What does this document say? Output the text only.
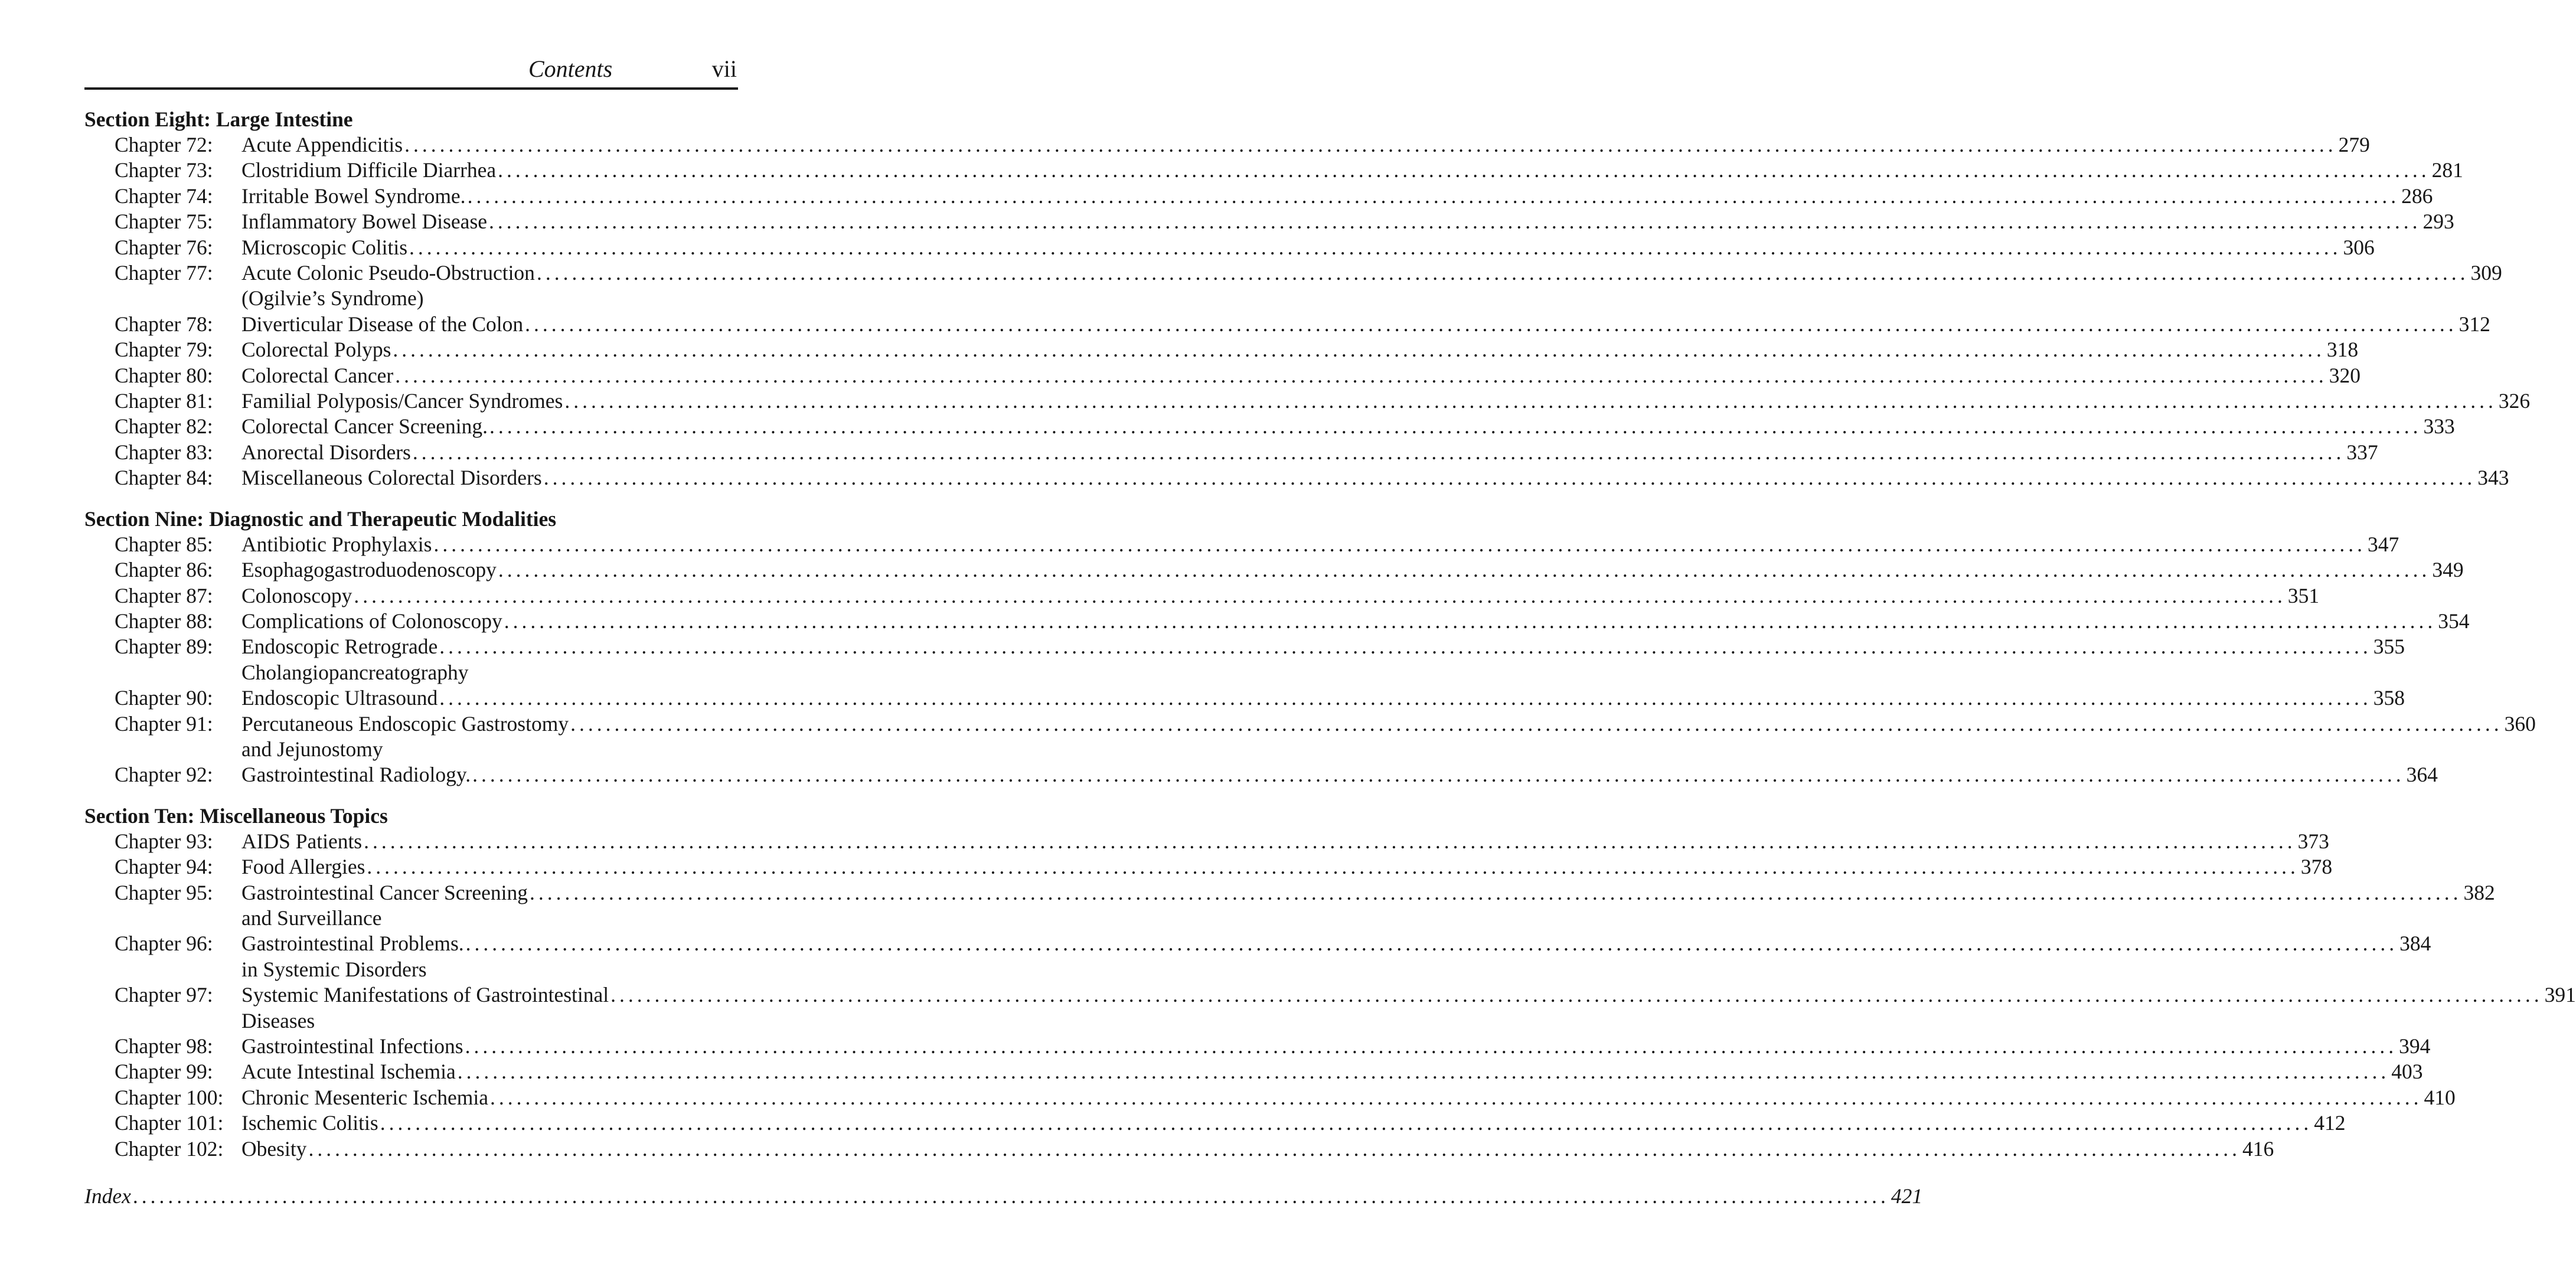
Contents	vii
Section Eight: Large Intestine
Chapter 72:	Acute Appendicitis ............................................................................................................................................................................................................................ 279
Chapter 73:	Clostridium Difficile Diarrhea ............................................................................................................................................................................................................................ 281
Chapter 74:	Irritable Bowel Syndrome. ............................................................................................................................................................................................................................ 286
Chapter 75:	Inflammatory Bowel Disease ............................................................................................................................................................................................................................ 293
Chapter 76:	Microscopic Colitis ............................................................................................................................................................................................................................ 306
Chapter 77:	Acute Colonic Pseudo-Obstruction ............................................................................................................................................................................................................................ 309
(Ogilvie’s Syndrome)
Chapter 78:	Diverticular Disease of the Colon ............................................................................................................................................................................................................................ 312
Chapter 79:	Colorectal Polyps ............................................................................................................................................................................................................................ 318
Chapter 80:	Colorectal Cancer ............................................................................................................................................................................................................................ 320
Chapter 81:	Familial Polyposis/Cancer Syndromes ............................................................................................................................................................................................................................ 326
Chapter 82:	Colorectal Cancer Screening. ............................................................................................................................................................................................................................ 333
Chapter 83:	Anorectal Disorders ............................................................................................................................................................................................................................ 337
Chapter 84:	Miscellaneous Colorectal Disorders ............................................................................................................................................................................................................................ 343
Section Nine: Diagnostic and Therapeutic Modalities
Chapter 85:	Antibiotic Prophylaxis ............................................................................................................................................................................................................................ 347
Chapter 86:	Esophagogastroduodenoscopy ............................................................................................................................................................................................................................ 349
Chapter 87:	Colonoscopy ............................................................................................................................................................................................................................ 351
Chapter 88:	Complications of Colonoscopy ............................................................................................................................................................................................................................ 354
Chapter 89:	Endoscopic Retrograde ............................................................................................................................................................................................................................ 355
Cholangiopancreatography
Chapter 90:	Endoscopic Ultrasound ............................................................................................................................................................................................................................ 358
Chapter 91:	Percutaneous Endoscopic Gastrostomy ............................................................................................................................................................................................................................ 360
and Jejunostomy
Chapter 92:	Gastrointestinal Radiology. ............................................................................................................................................................................................................................ 364
Section Ten: Miscellaneous Topics
Chapter 93:	AIDS Patients ............................................................................................................................................................................................................................ 373
Chapter 94:	Food Allergies ............................................................................................................................................................................................................................ 378
Chapter 95:	Gastrointestinal Cancer Screening ............................................................................................................................................................................................................................ 382
and Surveillance
Chapter 96:	Gastrointestinal Problems. ............................................................................................................................................................................................................................ 384
in Systemic Disorders
Chapter 97:	Systemic Manifestations of Gastrointestinal ............................................................................................................................................................................................................................ 391
Diseases
Chapter 98:	Gastrointestinal Infections ............................................................................................................................................................................................................................ 394
Chapter 99:	Acute Intestinal Ischemia ............................................................................................................................................................................................................................ 403
Chapter 100: Chronic Mesenteric Ischemia ............................................................................................................................................................................................................................ 410
Chapter 101: Ischemic Colitis ............................................................................................................................................................................................................................ 412
Chapter 102: Obesity ............................................................................................................................................................................................................................ 416
Index ........................................................................................................................................................................................................ 421
